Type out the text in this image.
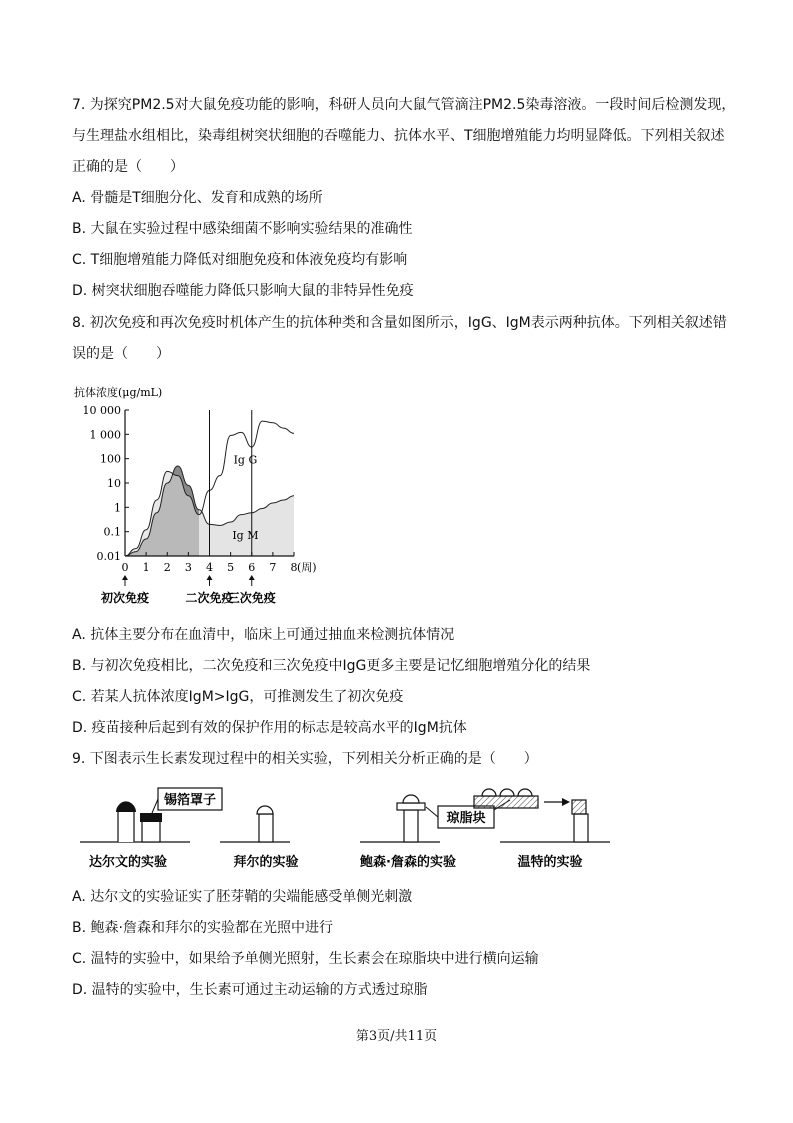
7. 为探究PM2.5对大鼠免疫功能的影响，科研人员向大鼠气管滴注PM2.5染毒溶液。一段时间后检测发现，
与生理盐水组相比，染毒组树突状细胞的吞噬能力、抗体水平、T细胞增殖能力均明显降低。下列相关叙述
正确的是（　　）
A. 骨髓是T细胞分化、发育和成熟的场所
B. 大鼠在实验过程中感染细菌不影响实验结果的准确性
C. T细胞增殖能力降低对细胞免疫和体液免疫均有影响
D. 树突状细胞吞噬能力降低只影响大鼠的非特异性免疫
8. 初次免疫和再次免疫时机体产生的抗体种类和含量如图所示，IgG、IgM表示两种抗体。下列相关叙述错
误的是（　　）
抗体浓度(μg/mL)
10 000
1 000
100
10
1
0.1
0.01
0 1 2 3 4 5 6 7 8 (周)
初次免疫	二次免疫
三次免疫
Ig G
Ig M
A. 抗体主要分布在血清中，临床上可通过抽血来检测抗体情况
B. 与初次免疫相比，二次免疫和三次免疫中IgG更多主要是记忆细胞增殖分化的结果
C. 若某人抗体浓度IgM>IgG，可推测发生了初次免疫
D. 疫苗接种后起到有效的保护作用的标志是较高水平的IgM抗体
9. 下图表示生长素发现过程中的相关实验，下列相关分析正确的是（　　）
锡箔罩子
达尔文的实验	拜尔的实验
琼脂块
鲍森·詹森的实验	温特的实验
A. 达尔文的实验证实了胚芽鞘的尖端能感受单侧光刺激
B. 鲍森·詹森和拜尔的实验都在光照中进行
C. 温特的实验中，如果给予单侧光照射，生长素会在琼脂块中进行横向运输
D. 温特的实验中，生长素可通过主动运输的方式透过琼脂
第3页/共11页
